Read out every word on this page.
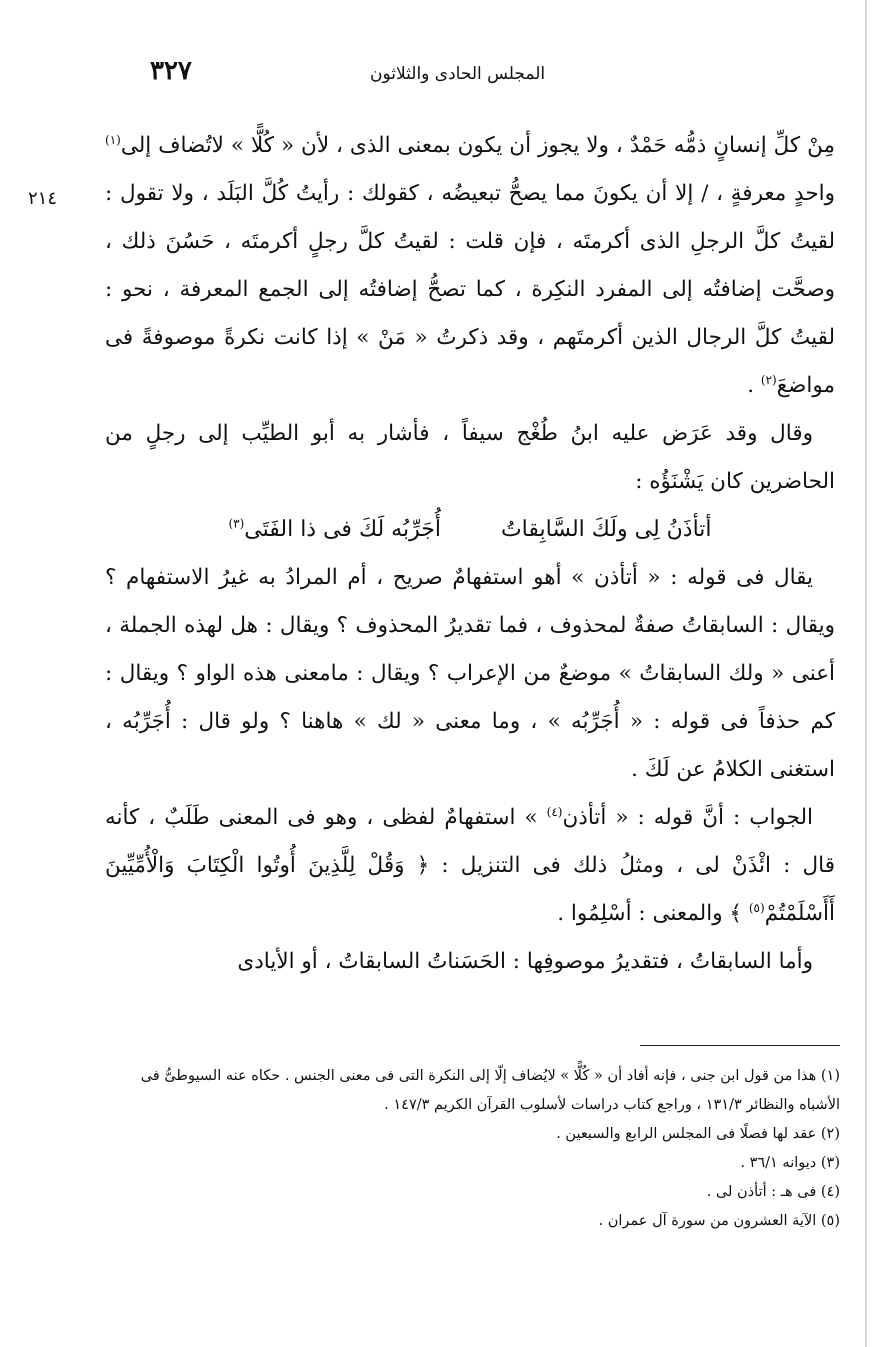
٣٢٧	المجلس الحادى والثلاثون
٢١٤

مِنْ كلِّ إنسانٍ ذمُّه حَمْدٌ ، ولا يجوز أن يكون بمعنى الذى ، لأن « كُلًّا » لاتُضاف إلى$^{(١)}$ واحدٍ معرفةٍ ، / إلا أن يكونَ مما يصحُّ تبعيضُه ، كقولك : رأيتُ كُلَّ البَلَد ، ولا تقول : لقيتُ كلَّ الرجلِ الذى أكرمتَه ، فإن قلت : لقيتُ كلَّ رجلٍ أكرمتَه ، حَسُنَ ذلك ، وصحَّت إضافتُه إلى المفرد النكِرة ، كما تصحُّ إضافتُه إلى الجمع المعرفة ، نحو : لقيتُ كلَّ الرجال الذين أكرمتَهم ، وقد ذكرتُ « مَنْ » إذا كانت نكرةً موصوفةً فى مواضعَ$^{(٢)}$ .

وقال وقد عَرَض عليه ابنُ طُغْج سيفاً ، فأشار به أبو الطيِّب إلى رجلٍ من الحاضرين كان يَشْنَؤُه :

أتأذَنُ لِى ولَكَ السَّابِقاتُ
أُجَرِّبُه لَكَ فى ذا الفَتَى$^{(٣)}$

يقال فى قوله : « أتأذن » أهو استفهامٌ صريح ، أم المرادُ به غيرُ الاستفهام ؟ ويقال : السابقاتُ صفةٌ لمحذوف ، فما تقديرُ المحذوف ؟ ويقال : هل لهذه الجملة ، أعنى « ولك السابقاتُ » موضعٌ من الإعراب ؟ ويقال : مامعنى هذه الواو ؟ ويقال : كم حذفاً فى قوله : « أُجَرِّبُه » ، وما معنى « لك » هاهنا ؟ ولو قال : أُجَرِّبُه ، استغنى الكلامُ عن لَكَ .

الجواب : أنَّ قوله : « أتأذن$^{(٤)}$ » استفهامٌ لفظى ، وهو فى المعنى طَلَبٌ ، كأنه قال : ائْذَنْ لى ، ومثلُ ذلك فى التنزيل : ﴿ وَقُلْ لِلَّذِينَ أُوتُوا الْكِتَابَ وَالْأُمِّيِّينَ أَأَسْلَمْتُمْ$^{(٥)}$ ﴾ والمعنى : أسْلِمُوا .

وأما السابقاتُ ، فتقديرُ موصوفِها : الحَسَناتُ السابقاتُ ، أو الأيادى

(١) هذا من قول ابن جنى ، فإنه أفاد أن « كُلًّا » لايُضاف إلّا إلى النكرة التى فى معنى الجنس . حكاه عنه السيوطىُّ فى الأشباه والنظائر ١٣١/٣ ، وراجع كتاب دراسات لأسلوب القرآن الكريم ١٤٧/٣ .

(٢) عقد لها فصلًا فى المجلس الرابع والسبعين .

(٣) ديوانه ٣٦/١ .

(٤) فى هـ : أتأذن لى .

(٥) الآية العشرون من سورة آل عمران .
